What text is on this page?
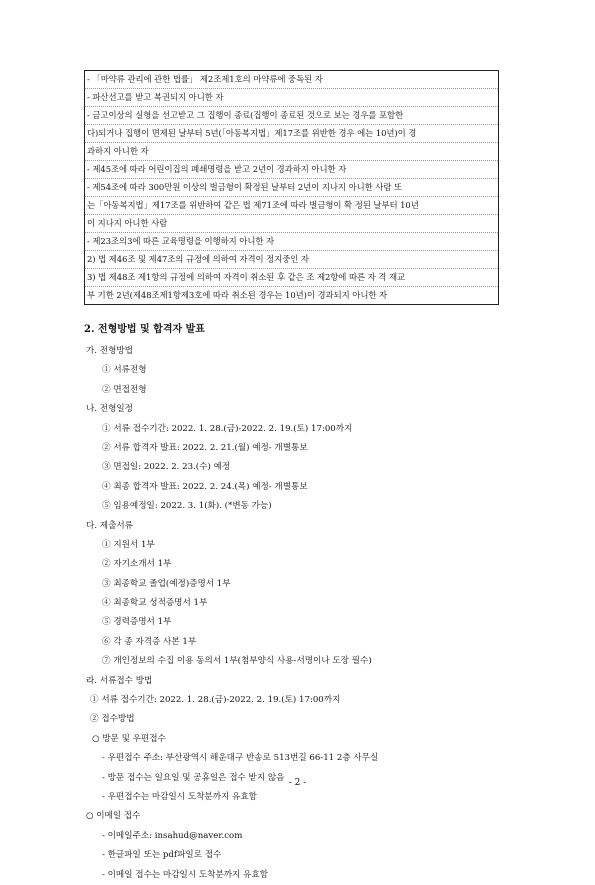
- 「마약류 관리에 관한 법률」 제2조제1호의 마약류에 중독된 자
- 파산선고를 받고 복권되지 아니한 자
- 금고이상의 실형을 선고받고 그 집행이 종료(집행이 종료된 것으로 보는 경우를 포함한
다)되거나 집행이 면제된 날부터 5년(「아동복지법」제17조를 위반한 경우 에는 10년)이 경
과하지 아니한 자
- 제45조에 따라 어린이집의 폐쇄명령을 받고 2년이 경과하지 아니한 자
- 제54조에 따라 300만원 이상의 벌금형이 확정된 날부터 2년이 지나지 아니한 사람 또
는「아동복지법」제17조를 위반하여 같은 법 제71조에 따라 벌금형이 확 정된 날부터 10년
이 지나지 아니한 사람
- 제23조의3에 따른 교육명령을 이행하지 아니한 자
2) 법 제46조 및 제47조의 규정에 의하여 자격이 정지중인 자
3) 법 제48조 제1항의 규정에 의하여 자격이 취소된 후 같은 조 제2항에 따른 자 격 재교
부 기한 2년(제48조제1항제3호에 따라 취소된 경우는 10년)이 경과되지 아니한 자
2. 전형방법 및 합격자 발표
가. 전형방법
① 서류전형
② 면접전형
나. 전형일정
① 서류 접수기간: 2022. 1. 28.(금)-2022. 2. 19.(토) 17:00까지
② 서류 합격자 발표: 2022. 2. 21.(월) 예정- 개별통보
③ 면접일: 2022. 2. 23.(수) 예정
④ 최종 합격자 발표: 2022. 2. 24.(목) 예정- 개별통보
⑤ 임용예정일: 2022. 3. 1(화). (*변동 가능)
다. 제출서류
① 지원서 1부
② 자기소개서 1부
③ 최종학교 졸업(예정)증명서 1부
④ 최종학교 성적증명서 1부
⑤ 경력증명서 1부
⑥ 각 종 자격증 사본 1부
⑦ 개인정보의 수집 이용 동의서 1부(첨부양식 사용-서명이나 도장 필수)
라. 서류접수 방법
① 서류 접수기간: 2022. 1. 28.(금)-2022. 2. 19.(토) 17:00까지
② 접수방법
○ 방문 및 우편접수
- 우편접수 주소: 부산광역시 해운대구 반송로 513번길 66-11 2층 사무실
- 방문 접수는 일요일 및 공휴일은 접수 받지 않음
- 우편접수는 마감일시 도착분까지 유효함
○ 이메일 접수
- 이메일주소: insahud@naver.com
- 한글파일 또는 pdf파일로 접수
- 이메일 접수는 마감일시 도착분까지 유효함
- 2 -
